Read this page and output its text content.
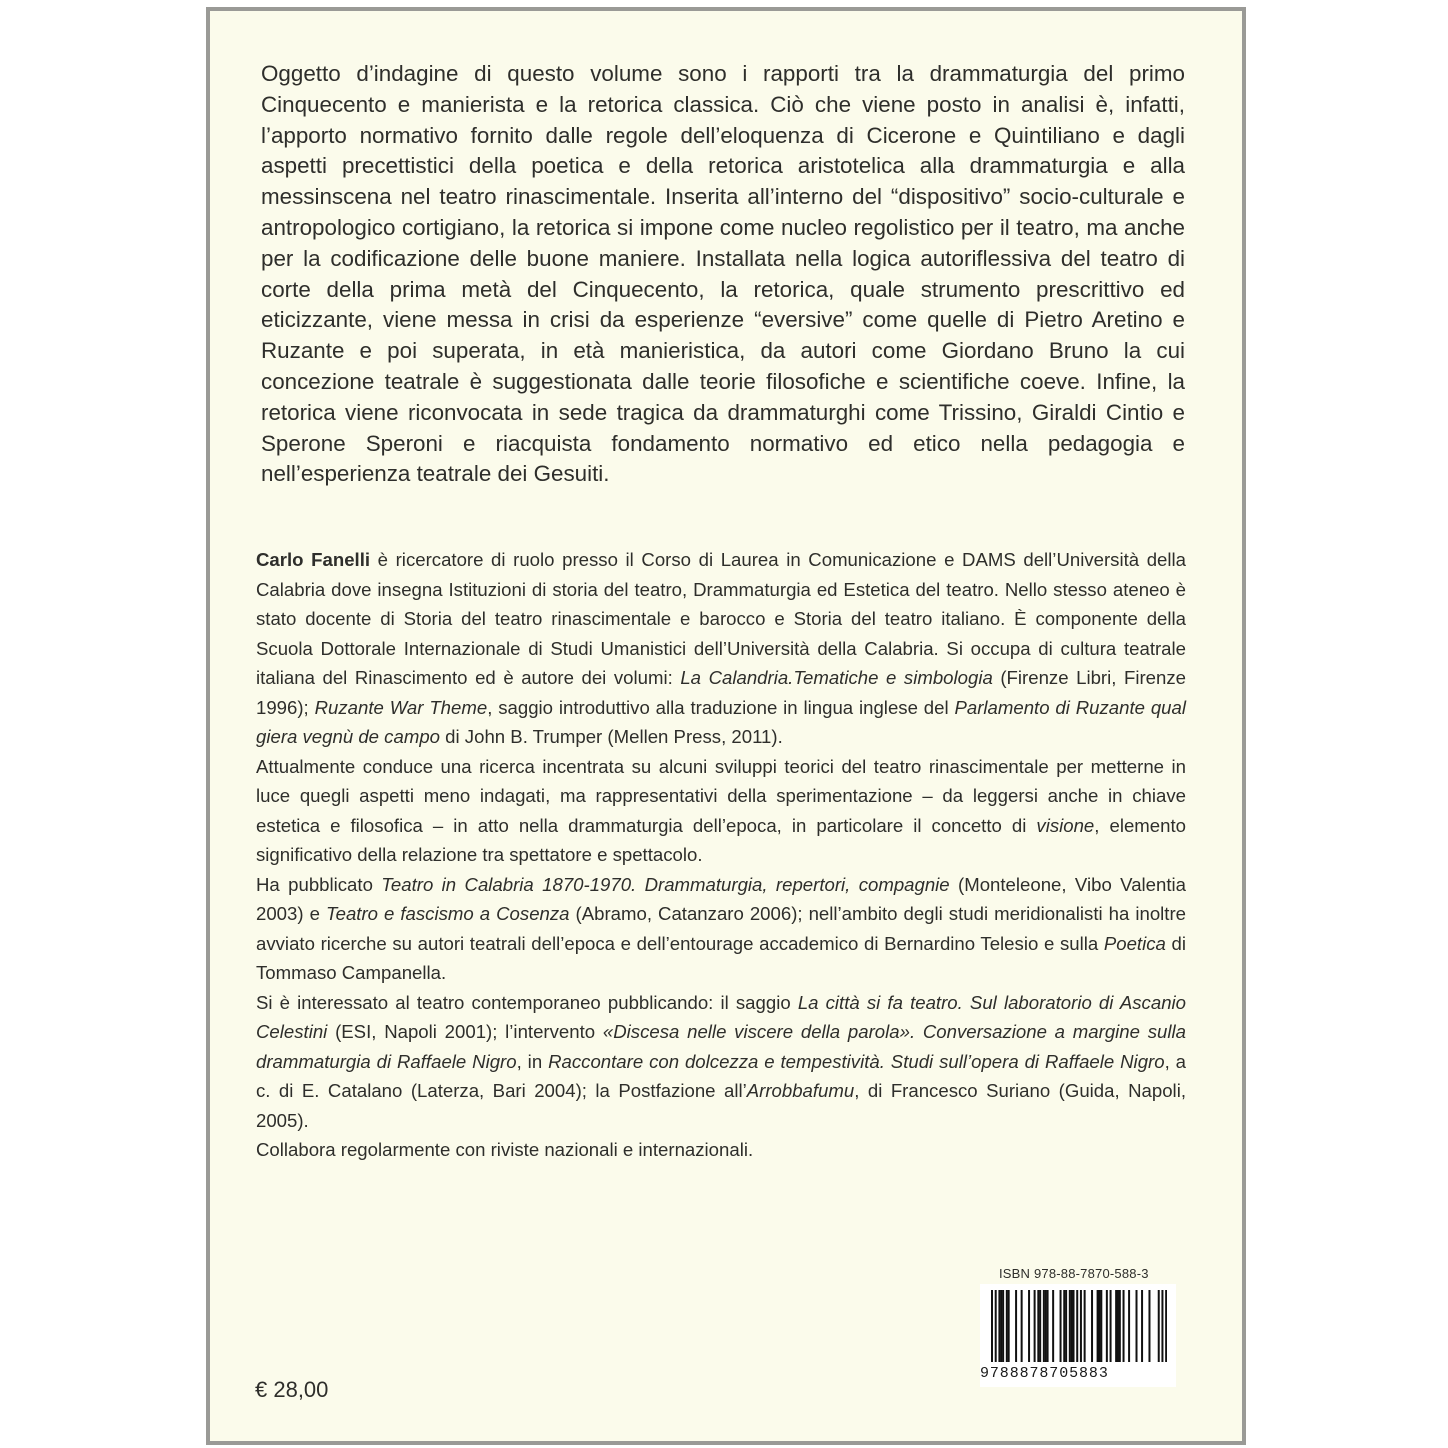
Oggetto d’indagine di questo volume sono i rapporti tra la drammaturgia del primo Cinquecento e manierista e la retorica classica. Ciò che viene posto in analisi è, infatti, l’apporto normativo fornito dalle regole dell’eloquenza di Cicerone e Quintiliano e dagli aspetti precettistici della poetica e della retorica aristotelica alla drammaturgia e alla messinscena nel teatro rinascimentale. Inserita all’interno del “dispositivo” socio-culturale e antropologico cortigiano, la retorica si impone come nucleo regolistico per il teatro, ma anche per la codificazione delle buone maniere. Installata nella logica autoriflessiva del teatro di corte della prima metà del Cinquecento, la retorica, quale strumento prescrittivo ed eticizzante, viene messa in crisi da esperienze “eversive” come quelle di Pietro Aretino e Ruzante e poi superata, in età manieristica, da autori come Giordano Bruno la cui concezione teatrale è suggestionata dalle teorie filosofiche e scientifiche coeve. Infine, la retorica viene riconvocata in sede tragica da drammaturghi come Trissino, Giraldi Cintio e Sperone Speroni e riacquista fondamento normativo ed etico nella pedagogia e nell’esperienza teatrale dei Gesuiti.

Carlo Fanelli è ricercatore di ruolo presso il Corso di Laurea in Comunicazione e DAMS dell’Università della Calabria dove insegna Istituzioni di storia del teatro, Drammaturgia ed Estetica del teatro. Nello stesso ateneo è stato docente di Storia del teatro rinascimentale e barocco e Storia del teatro italiano. È componente della Scuola Dottorale Internazionale di Studi Umanistici dell’Università della Calabria. Si occupa di cultura teatrale italiana del Rinascimento ed è autore dei volumi: La Calandria.Tematiche e simbologia (Firenze Libri, Firenze 1996); Ruzante War Theme, saggio introduttivo alla traduzione in lingua inglese del Parlamento di Ruzante qual giera vegnù de campo di John B. Trumper (Mellen Press, 2011).

Attualmente conduce una ricerca incentrata su alcuni sviluppi teorici del teatro rinascimentale per metterne in luce quegli aspetti meno indagati, ma rappresentativi della sperimentazione – da leggersi anche in chiave estetica e filosofica – in atto nella drammaturgia dell’epoca, in particolare il concetto di visione, elemento significativo della relazione tra spettatore e spettacolo.

Ha pubblicato Teatro in Calabria 1870-1970. Drammaturgia, repertori, compagnie (Monteleone, Vibo Valentia 2003) e Teatro e fascismo a Cosenza (Abramo, Catanzaro 2006); nell’ambito degli studi meridionalisti ha inoltre avviato ricerche su autori teatrali dell’epoca e dell’entourage accademico di Bernardino Telesio e sulla Poetica di Tommaso Campanella.

Si è interessato al teatro contemporaneo pubblicando: il saggio La città si fa teatro. Sul laboratorio di Ascanio Celestini (ESI, Napoli 2001); l’intervento «Discesa nelle viscere della parola». Conversazione a margine sulla drammaturgia di Raffaele Nigro, in Raccontare con dolcezza e tempestività. Studi sull’opera di Raffaele Nigro, a c. di E. Catalano (Laterza, Bari 2004); la Postfazione all’Arrobbafumu, di Francesco Suriano (Guida, Napoli, 2005).

Collabora regolarmente con riviste nazionali e internazionali.

ISBN 978-88-7870-588-3
9788878705883
€ 28,00
